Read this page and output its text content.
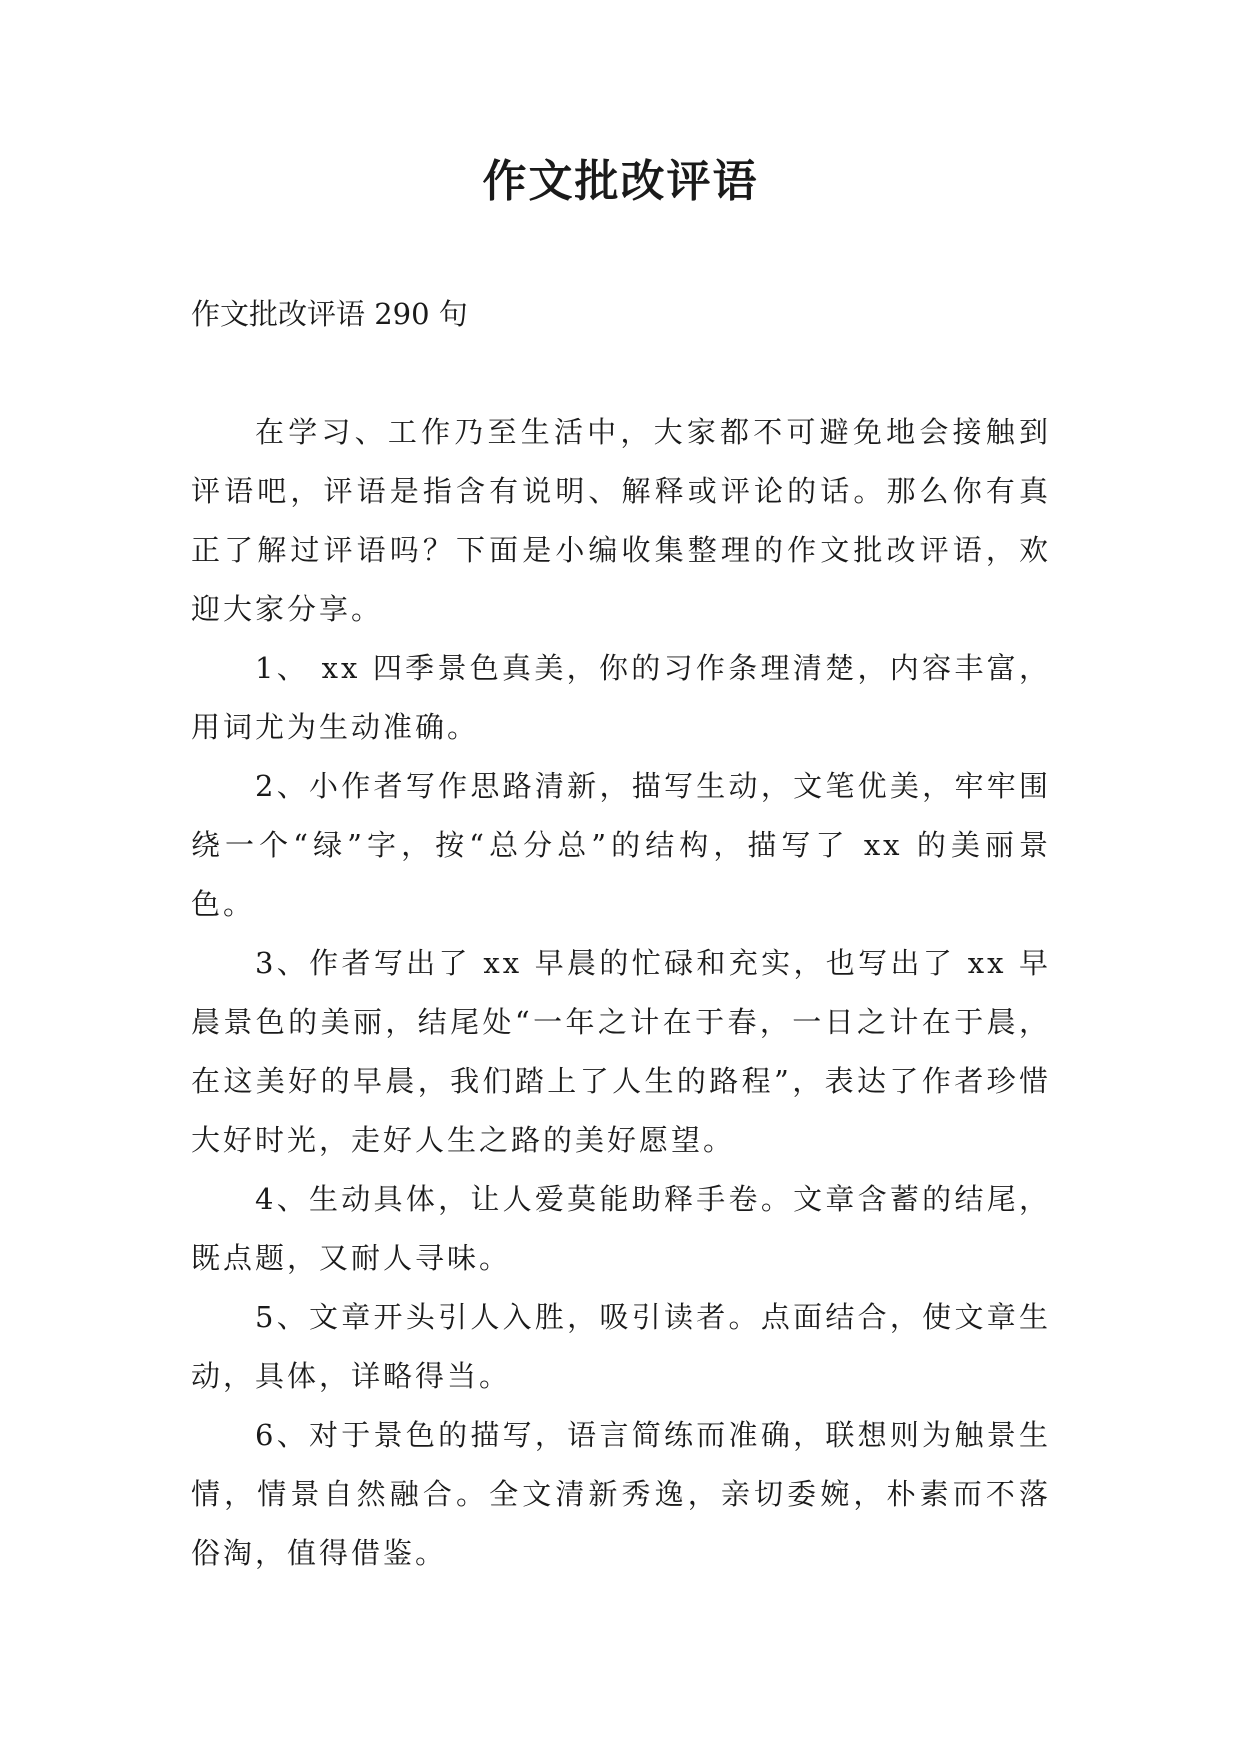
作文批改评语

作文批改评语 290 句

在学习、工作乃至生活中，大家都不可避免地会接触到评语吧，评语是指含有说明、解释或评论的话。那么你有真正了解过评语吗？下面是小编收集整理的作文批改评语，欢迎大家分享。

1、 xx 四季景色真美，你的习作条理清楚，内容丰富，用词尤为生动准确。

2、小作者写作思路清新，描写生动，文笔优美，牢牢围绕一个“绿”字，按“总分总”的结构，描写了 xx 的美丽景色。

3、作者写出了 xx 早晨的忙碌和充实，也写出了 xx 早晨景色的美丽，结尾处“一年之计在于春，一日之计在于晨，在这美好的早晨，我们踏上了人生的路程”，表达了作者珍惜大好时光，走好人生之路的美好愿望。

4、生动具体，让人爱莫能助释手卷。文章含蓄的结尾，既点题，又耐人寻味。

5、文章开头引人入胜，吸引读者。点面结合，使文章生动，具体，详略得当。

6、对于景色的描写，语言简练而准确，联想则为触景生情，情景自然融合。全文清新秀逸，亲切委婉，朴素而不落俗淘，值得借鉴。
